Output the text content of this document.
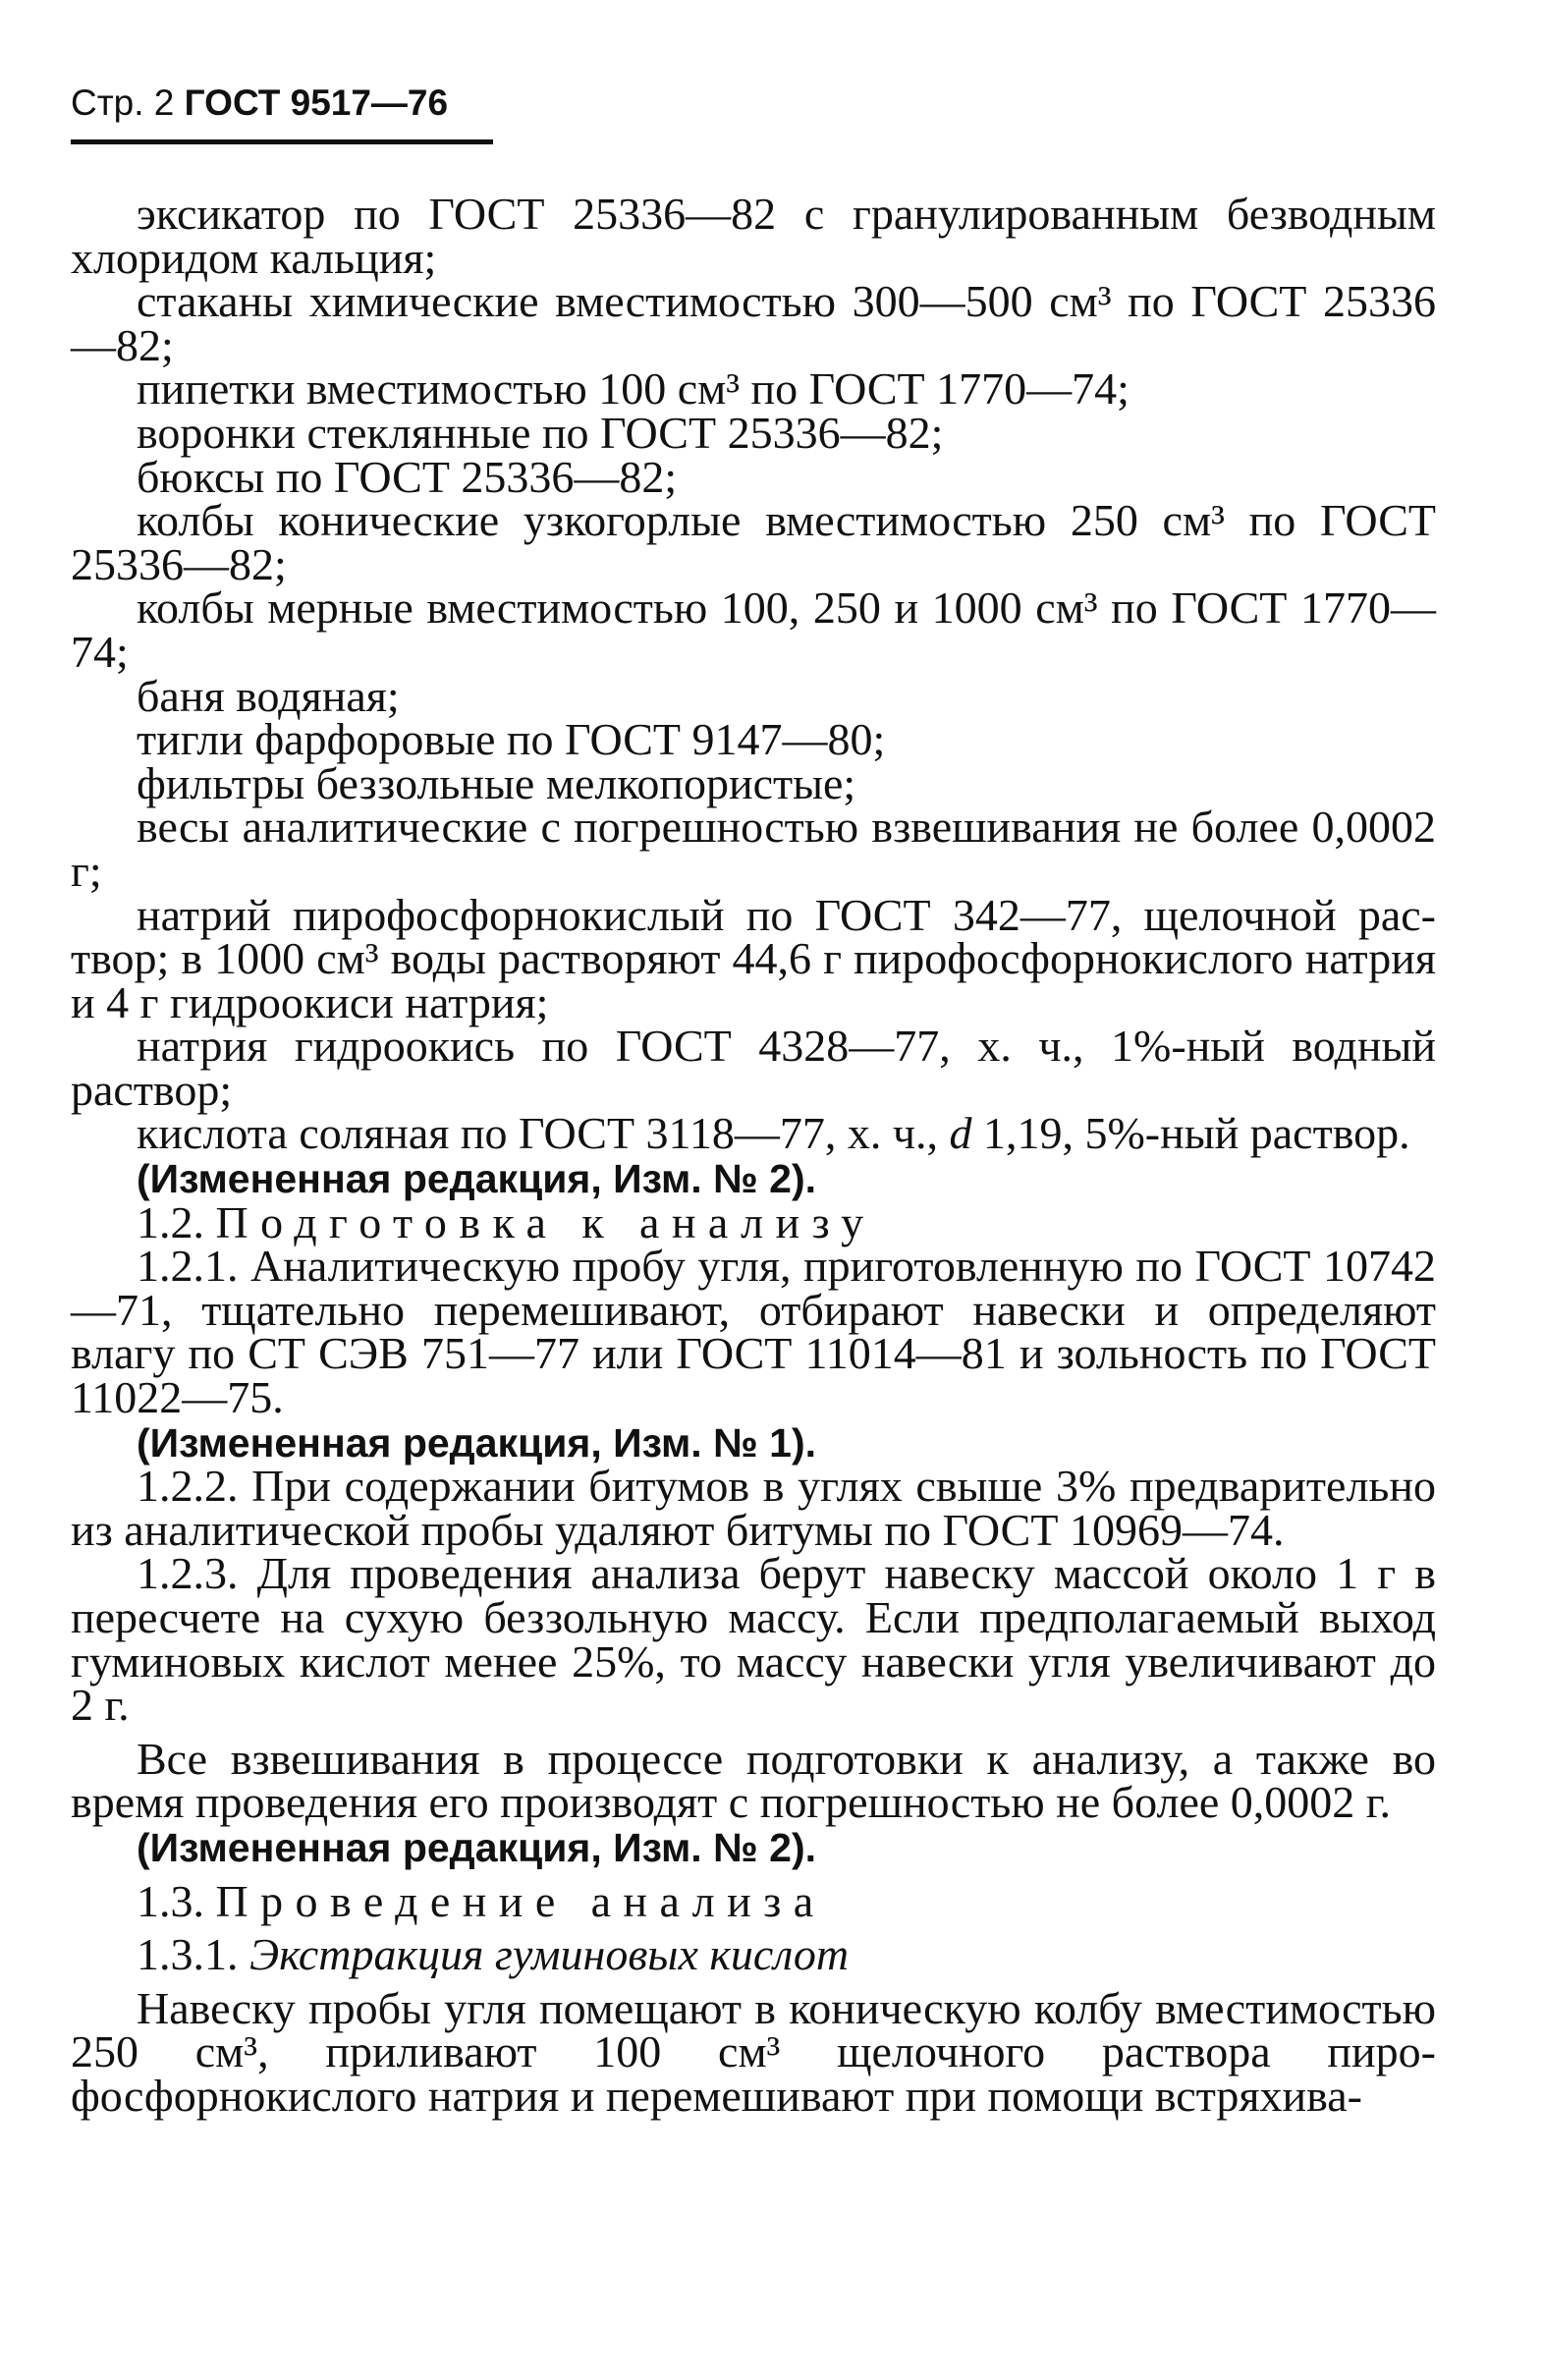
Стр. 2 ГОСТ 9517—76

эксикатор по ГОСТ 25336—82 с гранулированным безводным хлоридом кальция;

стаканы химические вместимостью 300—500 см³ по ГОСТ 25336—82;

пипетки вместимостью 100 см³ по ГОСТ 1770—74;

воронки стеклянные по ГОСТ 25336—82;

бюксы по ГОСТ 25336—82;

колбы конические узкогорлые вместимостью 250 см³ по ГОСТ 25336—82;

колбы мерные вместимостью 100, 250 и 1000 см³ по ГОСТ 1770—74;

баня водяная;

тигли фарфоровые по ГОСТ 9147—80;

фильтры беззольные мелкопористые;

весы аналитические с погрешностью взвешивания не более 0,0002 г;

натрий пирофосфорнокислый по ГОСТ 342—77, щелочной раствор; в 1000 см³ воды растворяют 44,6 г пирофосфорнокислого натрия и 4 г гидроокиси натрия;

натрия гидроокись по ГОСТ 4328—77, х. ч., 1%-ный водный раствор;

кислота соляная по ГОСТ 3118—77, х. ч., d 1,19, 5%-ный раствор.

(Измененная редакция, Изм. № 2).

1.2. Подготовка к анализу

1.2.1. Аналитическую пробу угля, приготовленную по ГОСТ 10742—71, тщательно перемешивают, отбирают навески и определяют влагу по СТ СЭВ 751—77 или ГОСТ 11014—81 и зольность по ГОСТ 11022—75.

(Измененная редакция, Изм. № 1).

1.2.2. При содержании битумов в углях свыше 3% предварительно из аналитической пробы удаляют битумы по ГОСТ 10969—74.

1.2.3. Для проведения анализа берут навеску массой около 1 г в пересчете на сухую беззольную массу. Если предполагаемый выход гуминовых кислот менее 25%, то массу навески угля увеличивают до 2 г.

Все взвешивания в процессе подготовки к анализу, а также во время проведения его производят с погрешностью не более 0,0002 г.

(Измененная редакция, Изм. № 2).

1.3. Проведение анализа

1.3.1. Экстракция гуминовых кислот

Навеску пробы угля помещают в коническую колбу вместимостью 250 см³, приливают 100 см³ щелочного раствора пирофосфорнокислого натрия и перемешивают при помощи встряхива-
